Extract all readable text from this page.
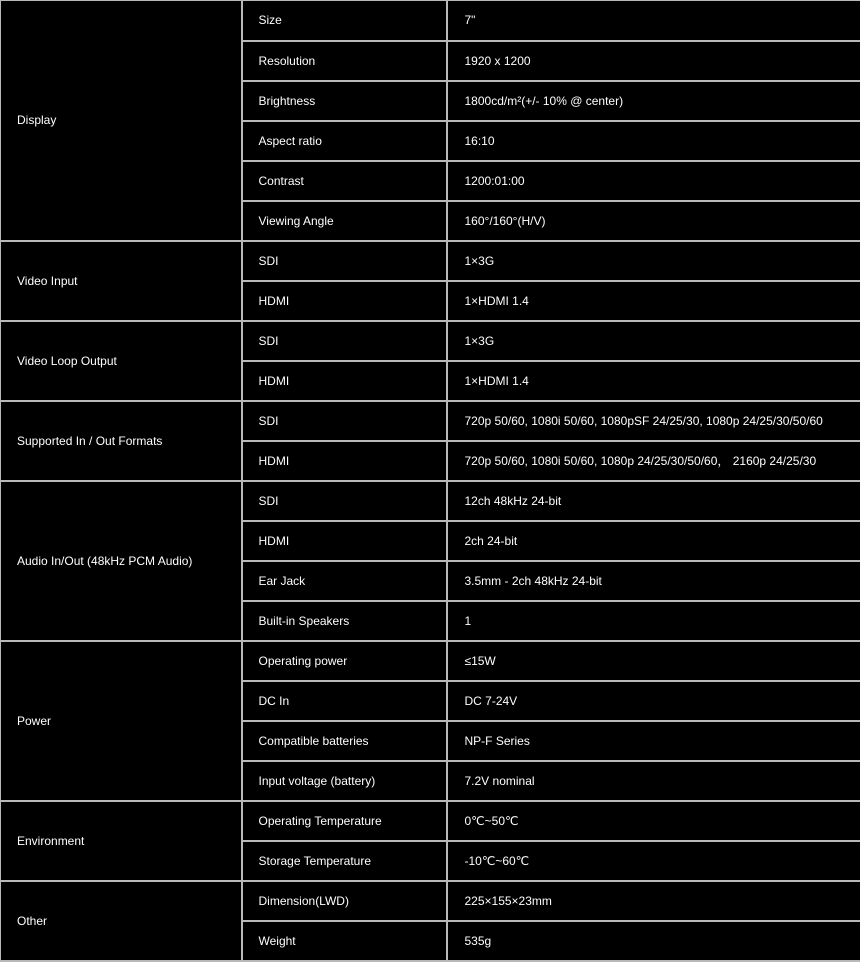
Display	Size	7"
	Resolution	1920 x 1200
	Brightness	1800cd/m²(+/- 10% @ center)
	Aspect ratio	16:10
	Contrast	1200:01:00
	Viewing Angle	160°/160°(H/V)
Video Input	SDI	1×3G
	HDMI	1×HDMI 1.4
Video Loop Output	SDI	1×3G
	HDMI	1×HDMI 1.4
Supported In / Out Formats	SDI	720p 50/60, 1080i 50/60, 1080pSF 24/25/30, 1080p 24/25/30/50/60
	HDMI	720p 50/60, 1080i 50/60, 1080p 24/25/30/50/60， 2160p 24/25/30
Audio In/Out (48kHz PCM Audio)	SDI	12ch 48kHz 24-bit
	HDMI	2ch 24-bit
	Ear Jack	3.5mm - 2ch 48kHz 24-bit
	Built-in Speakers	1
Power	Operating power	≤15W
	DC In	DC 7-24V
	Compatible batteries	NP-F Series
	Input voltage (battery)	7.2V nominal
Environment	Operating Temperature	0℃~50℃
	Storage Temperature	-10℃~60℃
Other	Dimension(LWD)	225×155×23mm
	Weight	535g
